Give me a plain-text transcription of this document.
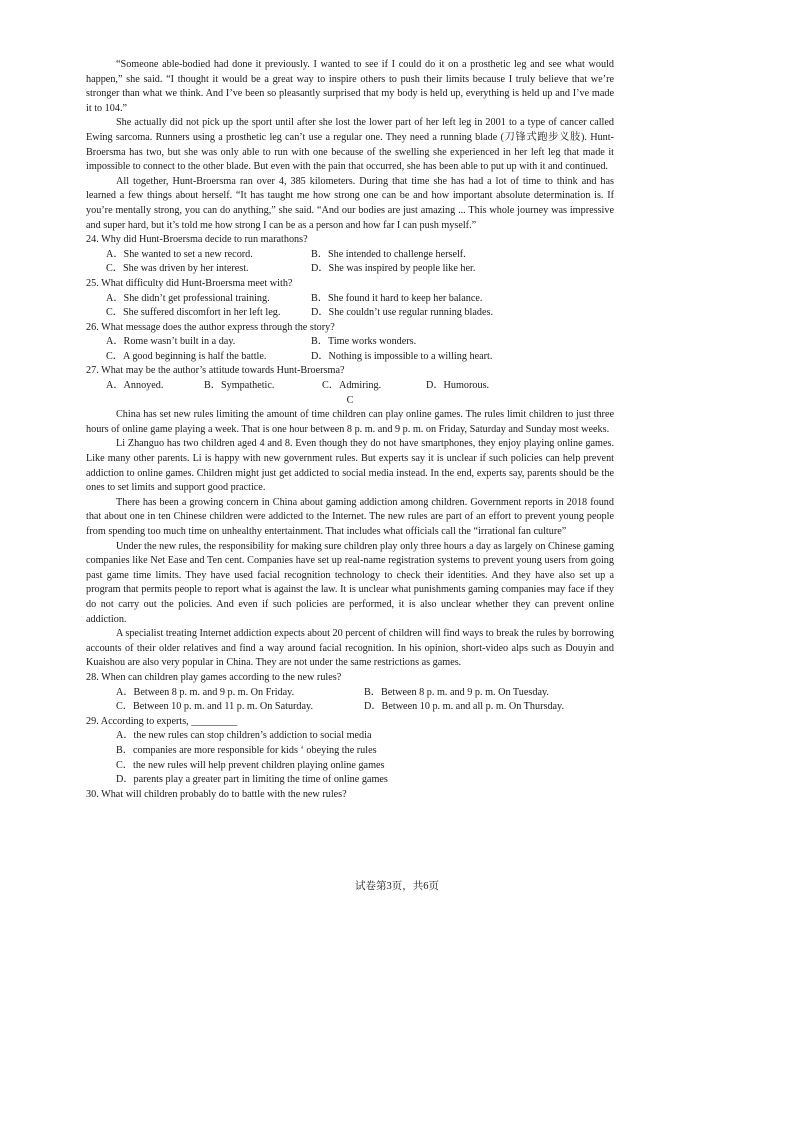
“Someone able-bodied had done it previously. I wanted to see if I could do it on a prosthetic leg and see what would happen,” she said. “I thought it would be a great way to inspire others to push their limits because I truly believe that we’re stronger than what we think. And I’ve been so pleasantly surprised that my body is held up, everything is held up and I’ve made it to 104.”

She actually did not pick up the sport until after she lost the lower part of her left leg in 2001 to a type of cancer called Ewing sarcoma. Runners using a prosthetic leg can’t use a regular one. They need a running blade (刀锋式跑步义肢). Hunt-Broersma has two, but she was only able to run with one because of the swelling she experienced in her left leg that made it impossible to connect to the other blade. But even with the pain that occurred, she has been able to put up with it and continued.

All together, Hunt-Broersma ran over 4, 385 kilometers. During that time she has had a lot of time to think and has learned a few things about herself. “It has taught me how strong one can be and how important absolute determination is. If you’re mentally strong, you can do anything,” she said. “And our bodies are just amazing ... This whole journey was impressive and super hard, but it’s told me how strong I can be as a person and how far I can push myself.”

24. Why did Hunt-Broersma decide to run marathons?
A．She wanted to set a new record.	B．She intended to challenge herself.
C．She was driven by her interest.	D．She was inspired by people like her.
25. What difficulty did Hunt-Broersma meet with?
A．She didn’t get professional training.	B．She found it hard to keep her balance.
C．She suffered discomfort in her left leg.	D．She couldn’t use regular running blades.
26. What message does the author express through the story?
A．Rome wasn’t built in a day.	B．Time works wonders.
C．A good beginning is half the battle.	D．Nothing is impossible to a willing heart.
27. What may be the author’s attitude towards Hunt-Broersma?
A．Annoyed.	B．Sympathetic.	C．Admiring.	D．Humorous.
C

China has set new rules limiting the amount of time children can play online games. The rules limit children to just three hours of online game playing a week. That is one hour between 8 p. m. and 9 p. m. on Friday, Saturday and Sunday most weeks.

Li Zhanguo has two children aged 4 and 8. Even though they do not have smartphones, they enjoy playing online games. Like many other parents. Li is happy with new government rules. But experts say it is unclear if such policies can help prevent addiction to online games. Children might just get addicted to social media instead. In the end, experts say, parents should be the ones to set limits and support good practice.

There has been a growing concern in China about gaming addiction among children. Government reports in 2018 found that about one in ten Chinese children were addicted to the Internet. The new rules are part of an effort to prevent young people from spending too much time on unhealthy entertainment. That includes what officials call the “irrational fan culture”

Under the new rules, the responsibility for making sure children play only three hours a day as largely on Chinese gaming companies like Net Ease and Ten cent. Companies have set up real-name registration systems to prevent young users from going past game time limits. They have used facial recognition technology to check their identities. And they have also set up a program that permits people to report what is against the law. It is unclear what punishments gaming companies may face if they do not carry out the policies. And even if such policies are performed, it is also unclear whether they can prevent online addiction.

A specialist treating Internet addiction expects about 20 percent of children will find ways to break the rules by borrowing accounts of their older relatives and find a way around facial recognition. In his opinion, short-video alps such as Douyin and Kuaishou are also very popular in China. They are not under the same restrictions as games.

28. When can children play games according to the new rules?
A．Between 8 p. m. and 9 p. m. On Friday.	B．Between 8 p. m. and 9 p. m. On Tuesday.
C．Between 10 p. m. and 11 p. m. On Saturday.	D．Between 10 p. m. and all p. m. On Thursday.
29. According to experts, _________
A．the new rules can stop children’s addiction to social media
B．companies are more responsible for kids ‘ obeying the rules
C．the new rules will help prevent children playing online games
D．parents play a greater part in limiting the time of online games
30. What will children probably do to battle with the new rules?
试卷第3页，共6页
